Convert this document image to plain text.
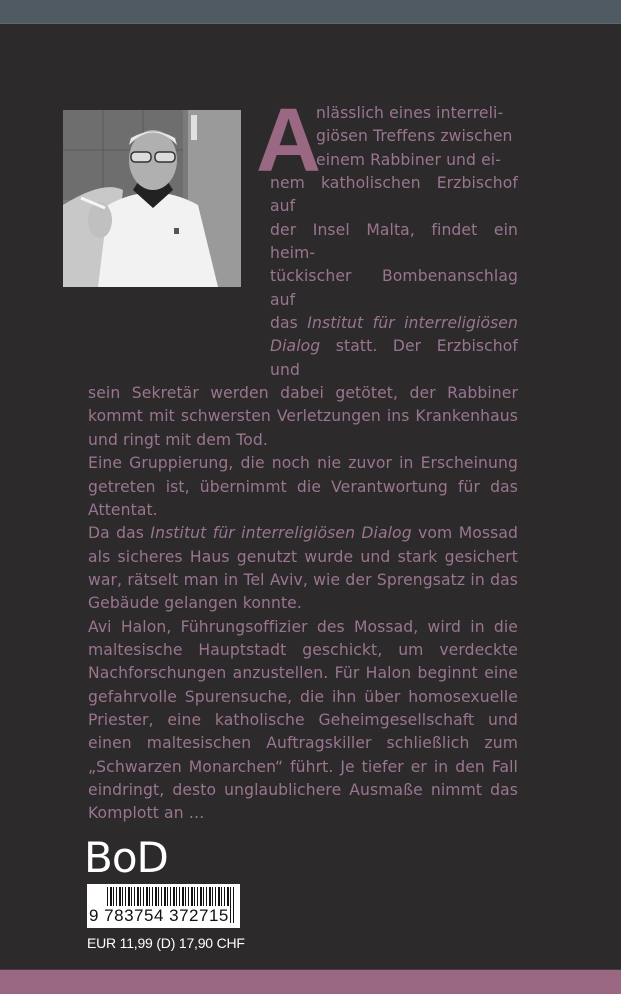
A

nlässlich eines interreli-
giösen Treffens zwischen
einem Rabbiner und ei-
nem katholischen Erzbischof auf
der Insel Malta, findet ein heim-
tückischer Bombenanschlag auf
das Institut für interreligiösen
Dialog statt. Der Erzbischof und
sein Sekretär werden dabei getötet, der Rabbiner kommt mit schwersten Verletzungen ins Krankenhaus und ringt mit dem Tod.

Eine Gruppierung, die noch nie zuvor in Erscheinung getreten ist, übernimmt die Verantwortung für das Attentat.

Da das Institut für interreligiösen Dialog vom Mossad als sicheres Haus genutzt wurde und stark gesichert war, rätselt man in Tel Aviv, wie der Sprengsatz in das Gebäude gelangen konnte.

Avi Halon, Führungsoffizier des Mossad, wird in die maltesische Hauptstadt geschickt, um verdeckte Nachforschungen anzustellen. Für Halon beginnt eine gefahrvolle Spurensuche, die ihn über homosexuelle Priester, eine katholische Geheimgesellschaft und einen maltesischen Auftragskiller schließlich zum „Schwarzen Monarchen“ führt. Je tiefer er in den Fall eindringt, desto unglaublichere Ausmaße nimmt das Komplott an …

BoD
9 783754 372715
EUR 11,99 (D) 17,90 CHF
